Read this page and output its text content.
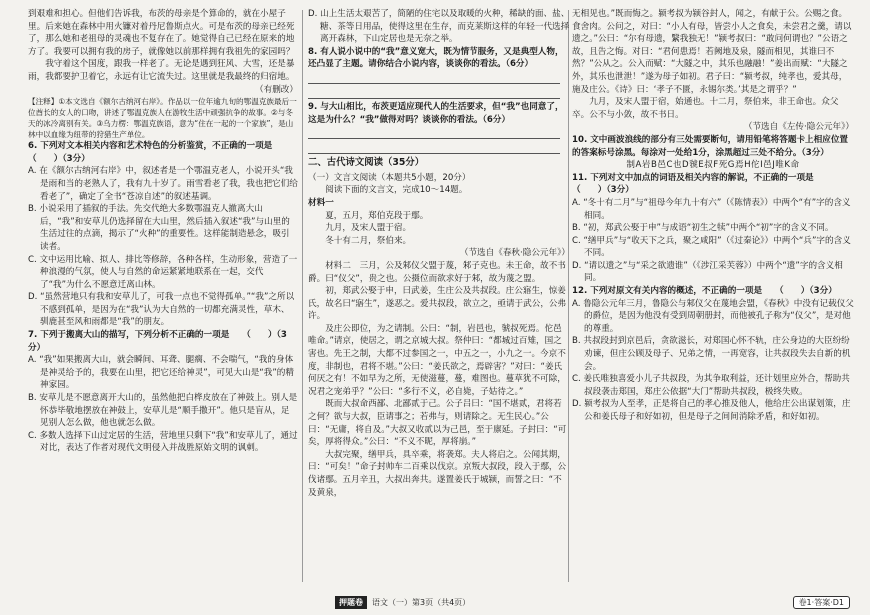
到艰难和担心。但他们告诉我，布茨的母亲是个算命的，就在小屋子里。后来她在森林中用火镰对着丹尼鲁斯点火。可是布茨的母亲已经死了，那么她和老祖母的灵魂也不复存在了。她觉得自己已经在原来的地方了。我要可以拥有我的房子，就像她以前那样拥有我祖先的家园吗？

我守着这个国度，跟我一样老了。无论是遇到狂风、大雪，还是暴雨，我都要护卫着它，永远有让它流失过。这里就是我最终的归宿地。

（有删改）

【注释】①本文选自《额尔古纳河右岸》。作品以一位年逾九旬的鄂温克族最后一位酋长的女人的口吻，讲述了鄂温克族人在游牧生活中顽强抗争的故事。②与冬天的冰冷离别有关。③乌力楞：鄂温克族语，意为“住在一起的一个家族”，是山林中以血缘为纽带的狩猎生产单位。

6. 下列对文本相关内容和艺术特色的分析鉴赏，不正确的一项是　　（　　）（3分）

A. 在《额尔古纳河右岸》中，叙述者是一个鄂温克老人，小说开头“我是雨和当的老熟人了，我有九十岁了。雨雪看老了我，我也把它们给看老了”，确定了全书“苍凉自述”的叙述基调。

B. 小说采用了插叙的手法。先交代绝大多数鄂温克人撤离大山后，“我”和安草儿仍选择留在大山里，然后插入叙述“我”与山里的生活过往的点滴，揭示了“火种”的重要性。这样能制造悬念，吸引读者。

C. 文中运用比喻、拟人、排比等修辞，各种各样，生动形象，营造了一种浪漫的气氛，使人与自然的命运紧紧地联系在一起，交代了“我”为什么不愿意迁离山林。

D. “虽然营地只有我和安草儿了，可我一点也不觉得孤单。”“我”之所以不感到孤单，是因为在“我”认为大自然的一切都充满灵性，草木、驯鹿甚至风和雨都是“我”的朋友。

7. 下列于搬离大山的描写，下列分析不正确的一项是　　（　　）（3分）

A. “我”如果搬离大山，就会瞬间、耳聋、腿瘸、不会喘气，“我的身体是神灵给予的，我要在山里，把它还给神灵”，可见大山是“我”的精神家园。

B. 安草儿是不愿意离开大山的，虽然他把白桦皮放在了神鼓上。别人是怀恭毕敬地摆放在神鼓上，安草儿是“顺手撒开”。他只是盲从，足见别人怎么做，他也就怎么做。

C. 多数人选择下山过定居的生活，营地里只剩下“我”和安草儿了，通过对比，表达了作者对现代文明侵入并战胜原始文明的讽刺。

D. 山上生活太艰苦了，简陋的住宅以及取暖的火种，稀缺的面、盐、糖、茶等日用品，使得这里在生存，而克莱斯这样的年轻一代选择离开森林，下山定居也是无奈之举。

8. 有人说小说中的“我”意义宽大，既为情节服务，又是典型人物，还凸显了主题。请你结合小说内容，谈谈你的看法。（6分）

9. 与大山相比，布茨更适应现代人的生活要求，但“我”也同意了，这是为什么？“我”做得对吗？谈谈你的看法。（6分）

二、古代诗文阅读（35分）

（一）文言文阅读（本题共5小题，20分）

阅读下面的文言文，完成10～14题。

材料一

夏，五月，郑伯克段于鄢。

九月，及宋人盟于宿。

冬十有二月，祭伯来。

（节选自《春秋·隐公元年》）

材料二　三月，公及邾仪父盟于蔑，邾子克也。未王命，故不书爵。曰“仪父”，贵之也。公摄位而欲求好于邾，故为蔑之盟。

初，郑武公娶于申，曰武姜，生庄公及共叔段。庄公寤生，惊姜氏，故名曰“寤生”，遂恶之。爱共叔段，欲立之，亟请于武公，公弗许。

及庄公即位，为之请制。公曰：“制，岩邑也，虢叔死焉。佗邑唯命。”请京，使居之，谓之京城大叔。祭仲曰：“都城过百雉，国之害也。先王之制，大都不过参国之一，中五之一，小九之一。今京不度，非制也，君将不堪。”公曰：“姜氏欲之，焉辟害？”对曰：“姜氏何厌之有！不如早为之所，无使滋蔓，蔓，难图也。蔓草犹不可除，况君之宠弟乎？”公曰：“多行不义，必自毙，子姑待之。”

既而大叔命西鄙、北鄙贰于己。公子吕曰：“国不堪贰，君将若之何？欲与大叔，臣请事之；若弗与，则请除之。无生民心。”公曰：“无庸，将自及。”大叔又收贰以为己邑，至于廪延。子封曰：“可矣，厚将得众。”公曰：“不义不昵，厚将崩。”

大叔完聚，缮甲兵，具卒乘，将袭郑。夫人将启之。公闻其期，曰：“可矣！”命子封帅车二百乘以伐京。京叛大叔段，段入于鄢，公伐诸鄢。五月辛丑，大叔出奔共。遂置姜氏于城颍，而誓之曰：“不及黄泉，

无相见也。”既而悔之。颍考叔为颍谷封人，闻之，有献于公。公赐之食。食舍肉。公问之，对曰：“小人有母，皆尝小人之食矣，未尝君之羹，请以遗之。”公曰：“尔有母遗，繄我独无！”颍考叔曰：“敢问何谓也？”公语之故，且告之悔。对曰：“君何患焉！若阙地及泉，隧而相见，其谁曰不然？”公从之。公入而赋：“大隧之中，其乐也融融！”姜出而赋：“大隧之外，其乐也泄泄！”遂为母子如初。君子曰：“颍考叔，纯孝也，爱其母，施及庄公。《诗》曰：‘孝子不匮，永锡尔类。’其是之谓乎？”

九月，及宋人盟于宿，始通也。十二月，祭伯来，非王命也。众父卒。公不与小敛，故不书日。

（节选自《左传·隐公元年》）

10. 文中画波浪线的部分有三处需要断句，请用铅笔将答题卡上相应位置的答案标号涂黑。每涂对一处给1分，涂黑超过三处不给分。（3分）

制A岩B邑C也D虢E叔F死G焉H佗I邑J唯K命

11. 下列对文中加点的词语及相关内容的解说，不正确的一项是　　（　　）（3分）

A. “冬十有二月”与“祖母今年九十有六”（《陈情表》）中两个“有”字的含义相同。

B. “初，郑武公娶于申”与成语“初生之犊”中两个“初”字的含义不同。

C. “缮甲兵”与“收天下之兵，聚之咸阳”（《过秦论》）中两个“兵”字的含义不同。

D. “请以遗之”与“采之欲遗谁”（《涉江采芙蓉》）中两个“遗”字的含义相同。

12. 下列对原文有关内容的概述，不正确的一项是　　（　　）（3分）

A. 鲁隐公元年三月，鲁隐公与邾仪父在蔑地会盟，《春秋》中没有记载仪父的爵位，是因为他没有受到周朝册封，而他被孔子称为“仪父”，是对他的尊重。

B. 共叔段封到京邑后，贪欲滋长，对郑国心怀不轨，庄公身边的大臣纷纷劝谏，但庄公顾及母子、兄弟之情，一再宽容，让共叔段失去自新的机会。

C. 姜氏唯独喜爱小儿子共叔段，为其争取利益，还计划里应外合，帮助共叔段袭击郑国，郑庄公依据“大门”帮助共叔段，极终失败。

D. 颍考叔为人至孝，正是将自己的孝心推及他人，他给庄公出谋划策，庄公和姜氏母子和好如初，但是母子之间间消除矛盾，和好如初。

押题卷	语文（一）第3页（共4页）	卷1·答案·D1
